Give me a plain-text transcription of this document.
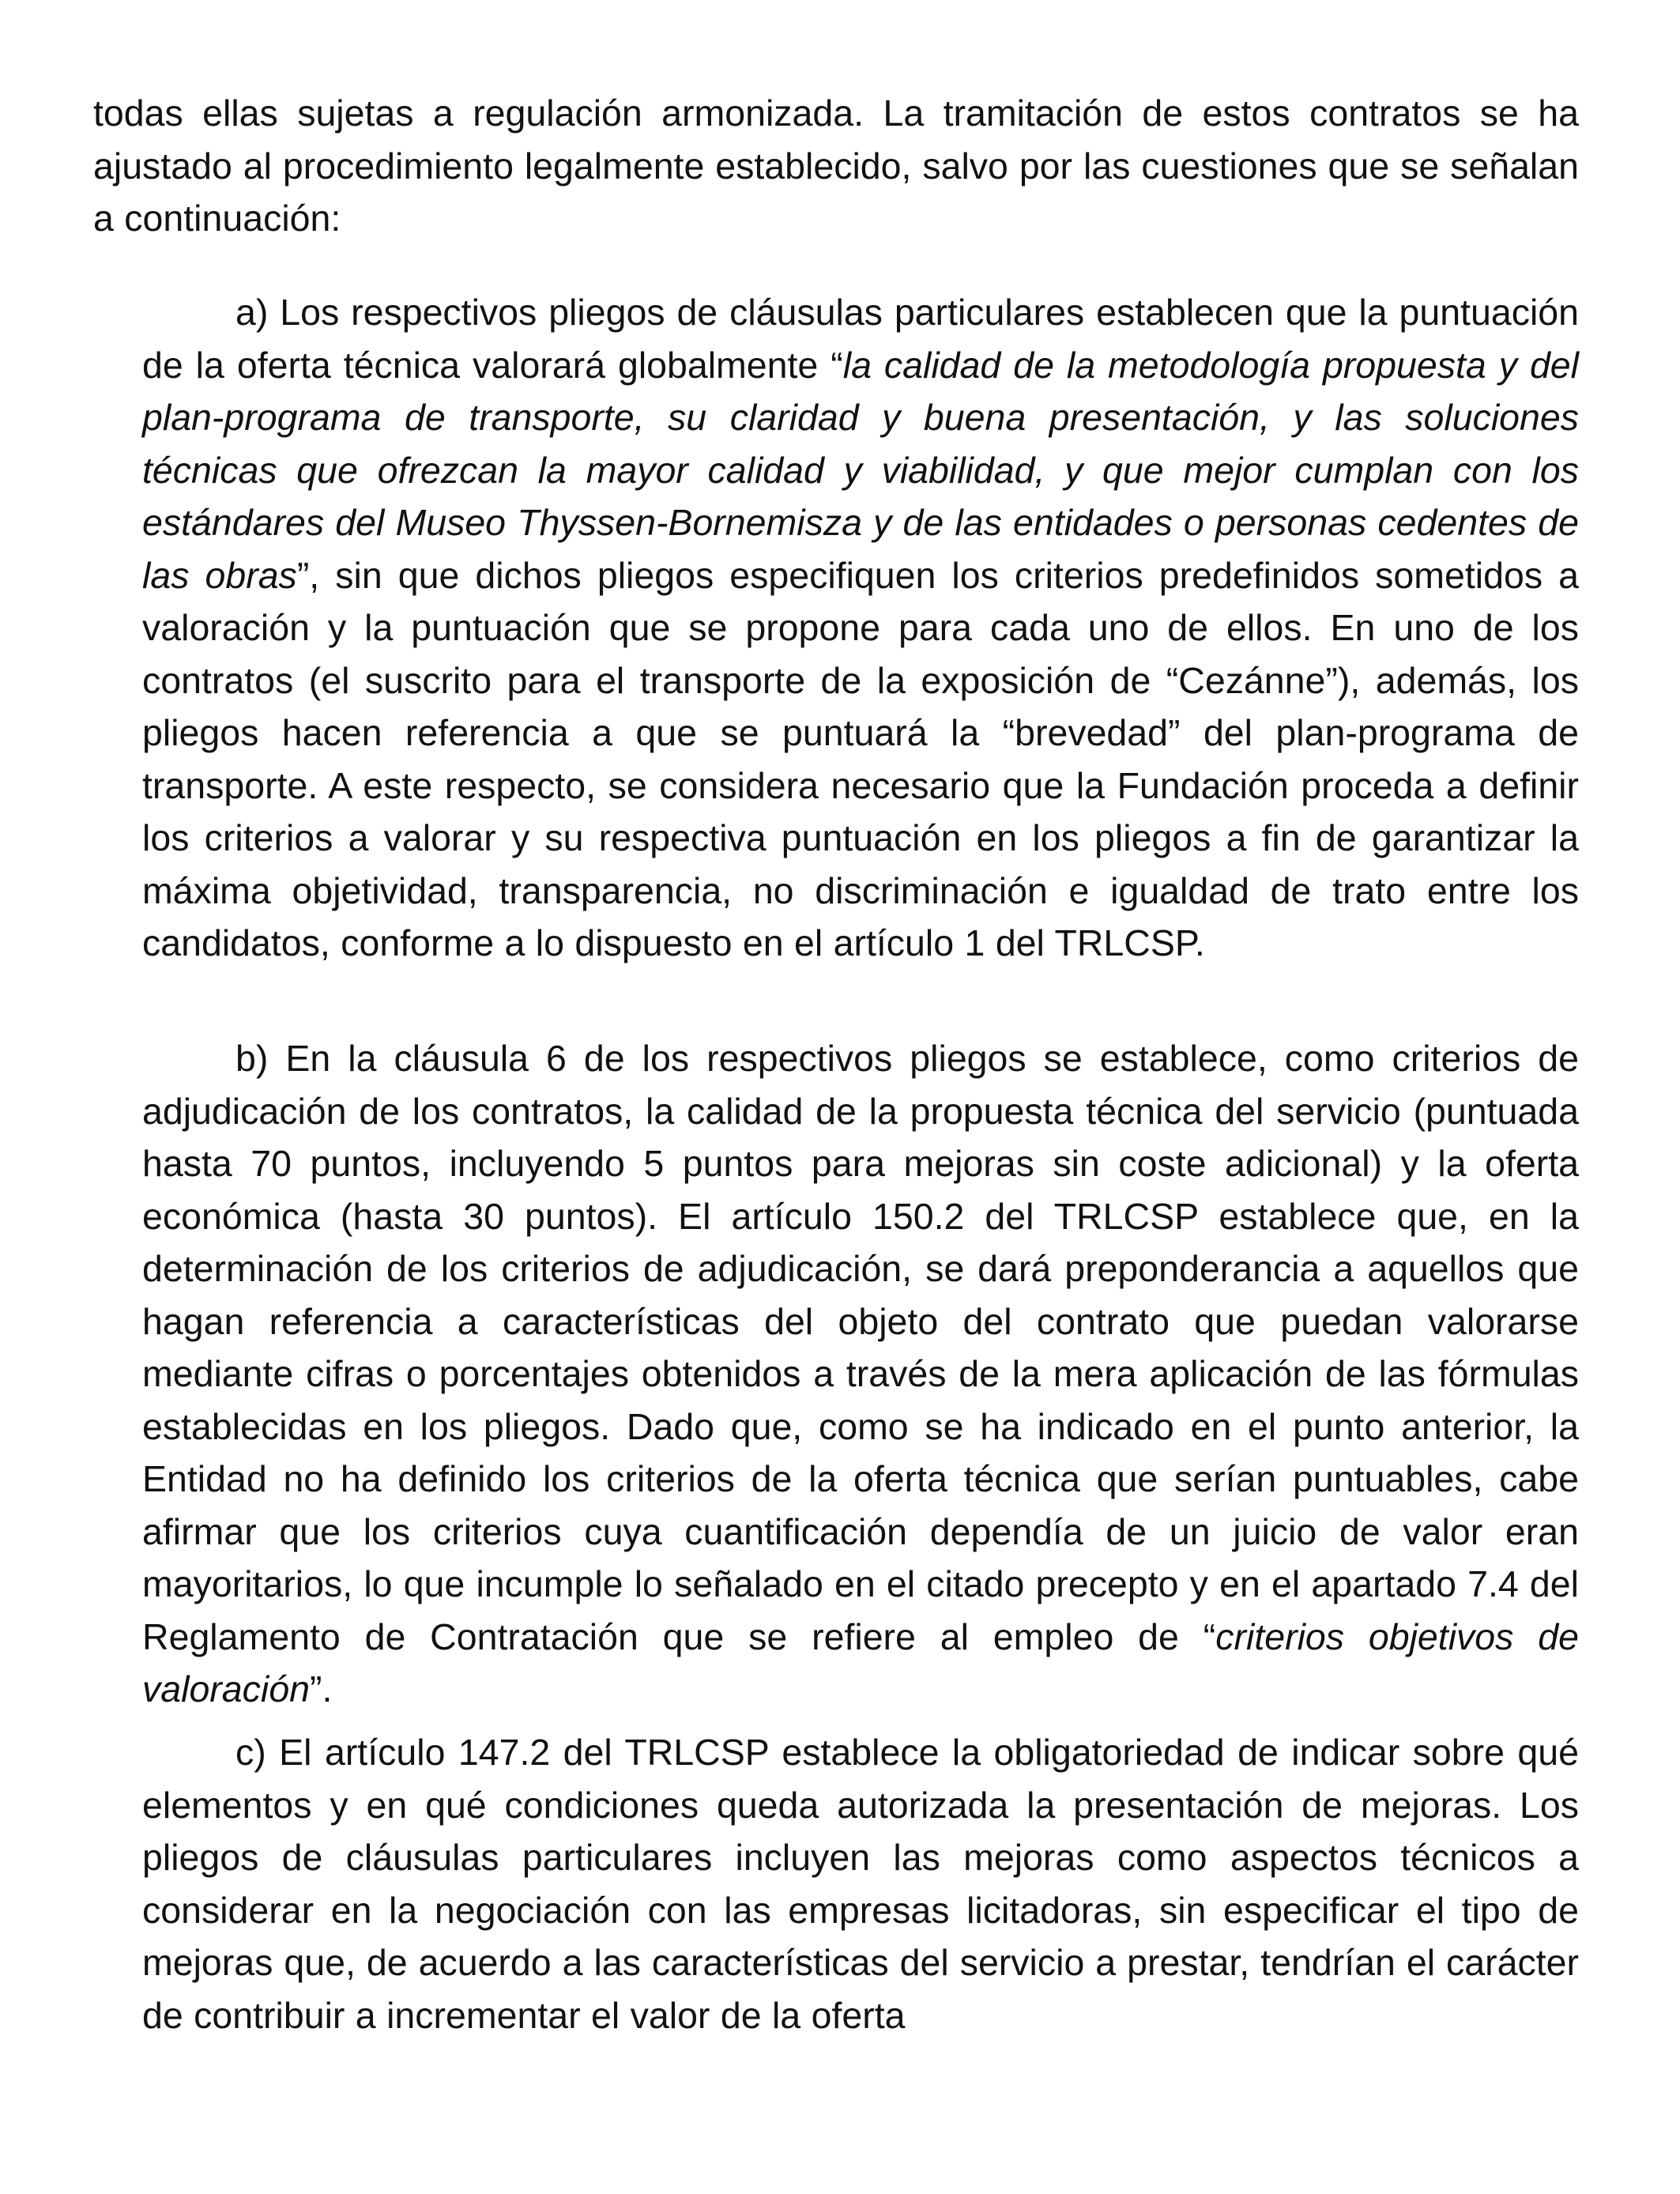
todas ellas sujetas a regulación armonizada. La tramitación de estos contratos se ha ajustado al procedimiento legalmente establecido, salvo por las cuestiones que se señalan a continuación:

a) Los respectivos pliegos de cláusulas particulares establecen que la puntuación de la oferta técnica valorará globalmente “la calidad de la metodología propuesta y del plan-programa de transporte, su claridad y buena presentación, y las soluciones técnicas que ofrezcan la mayor calidad y viabilidad, y que mejor cumplan con los estándares del Museo Thyssen-Bornemisza y de las entidades o personas cedentes de las obras”, sin que dichos pliegos especifiquen los criterios predefinidos sometidos a valoración y la puntuación que se propone para cada uno de ellos. En uno de los contratos (el suscrito para el transporte de la exposición de “Cezánne”), además, los pliegos hacen referencia a que se puntuará la “brevedad” del plan-programa de transporte. A este respecto, se considera necesario que la Fundación proceda a definir los criterios a valorar y su respectiva puntuación en los pliegos a fin de garantizar la máxima objetividad, transparencia, no discriminación e igualdad de trato entre los candidatos, conforme a lo dispuesto en el artículo 1 del TRLCSP.

b) En la cláusula 6 de los respectivos pliegos se establece, como criterios de adjudicación de los contratos, la calidad de la propuesta técnica del servicio (puntuada hasta 70 puntos, incluyendo 5 puntos para mejoras sin coste adicional) y la oferta económica (hasta 30 puntos). El artículo 150.2 del TRLCSP establece que, en la determinación de los criterios de adjudicación, se dará preponderancia a aquellos que hagan referencia a características del objeto del contrato que puedan valorarse mediante cifras o porcentajes obtenidos a través de la mera aplicación de las fórmulas establecidas en los pliegos. Dado que, como se ha indicado en el punto anterior, la Entidad no ha definido los criterios de la oferta técnica que serían puntuables, cabe afirmar que los criterios cuya cuantificación dependía de un juicio de valor eran mayoritarios, lo que incumple lo señalado en el citado precepto y en el apartado 7.4 del Reglamento de Contratación que se refiere al empleo de “criterios objetivos de valoración”.

c) El artículo 147.2 del TRLCSP establece la obligatoriedad de indicar sobre qué elementos y en qué condiciones queda autorizada la presentación de mejoras. Los pliegos de cláusulas particulares incluyen las mejoras como aspectos técnicos a considerar en la negociación con las empresas licitadoras, sin especificar el tipo de mejoras que, de acuerdo a las características del servicio a prestar, tendrían el carácter de contribuir a incrementar el valor de la oferta
